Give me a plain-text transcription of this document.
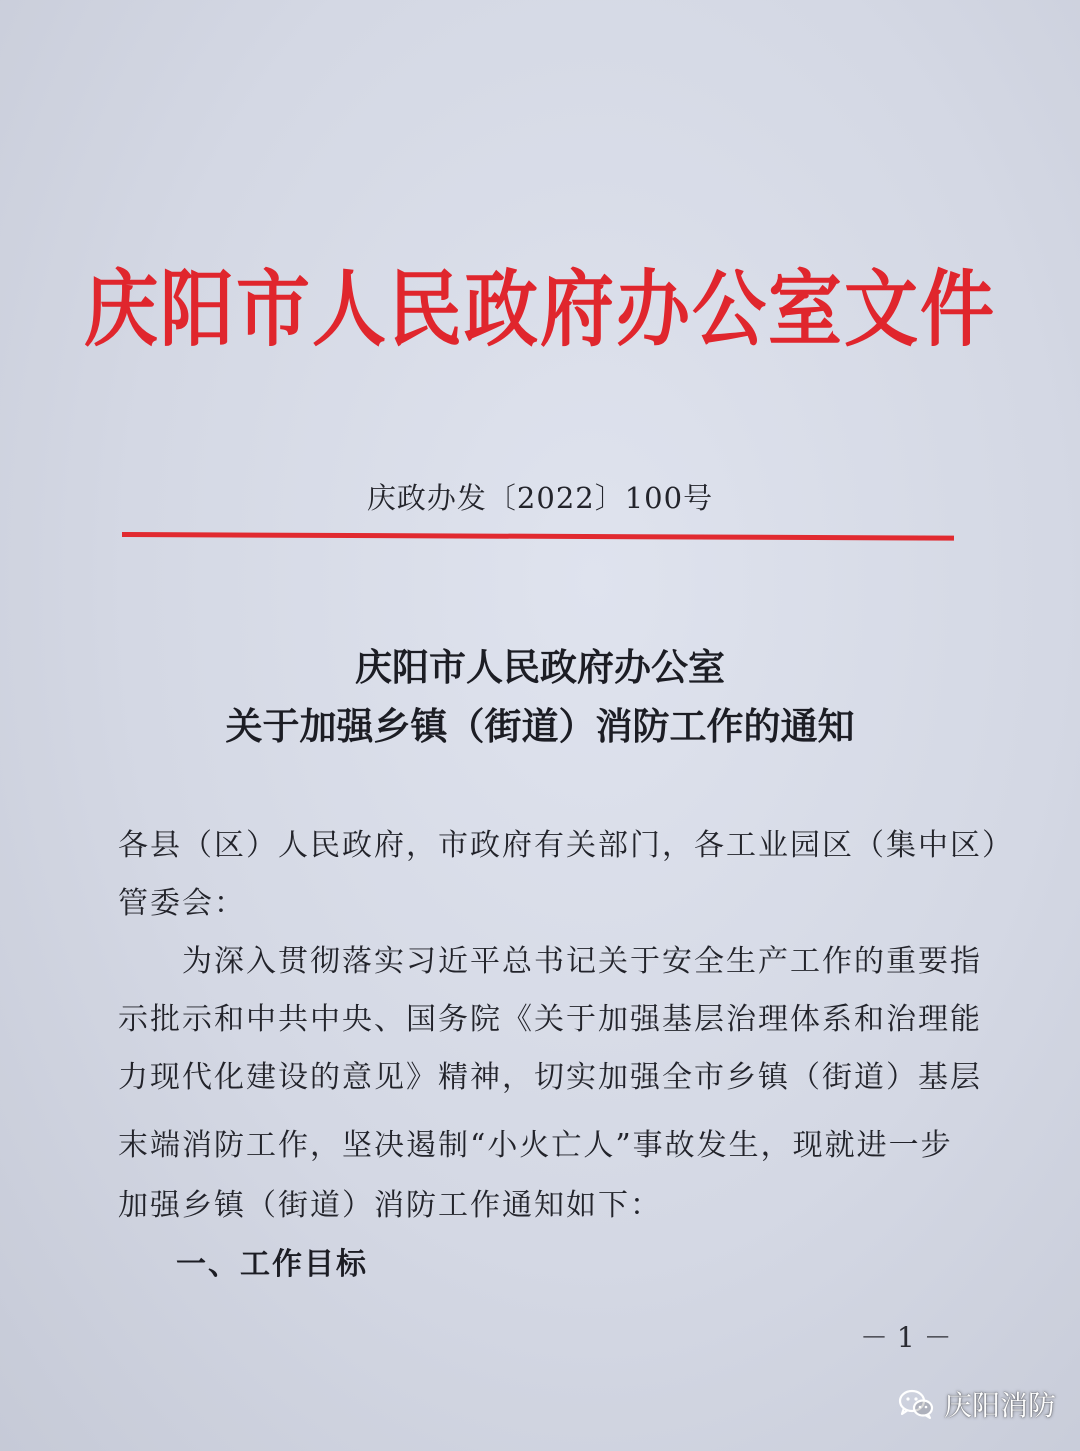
庆阳市人民政府办公室文件
庆政办发〔2022〕100号
庆阳市人民政府办公室
关于加强乡镇（街道）消防工作的通知
各县（区）人民政府，市政府有关部门，各工业园区（集中区）
管委会：
　　为深入贯彻落实习近平总书记关于安全生产工作的重要指
示批示和中共中央、国务院《关于加强基层治理体系和治理能
力现代化建设的意见》精神，切实加强全市乡镇（街道）基层
末端消防工作，坚决遏制“小火亡人”事故发生，现就进一步
加强乡镇（街道）消防工作通知如下：
一、工作目标
－ 1 －
庆阳消防
